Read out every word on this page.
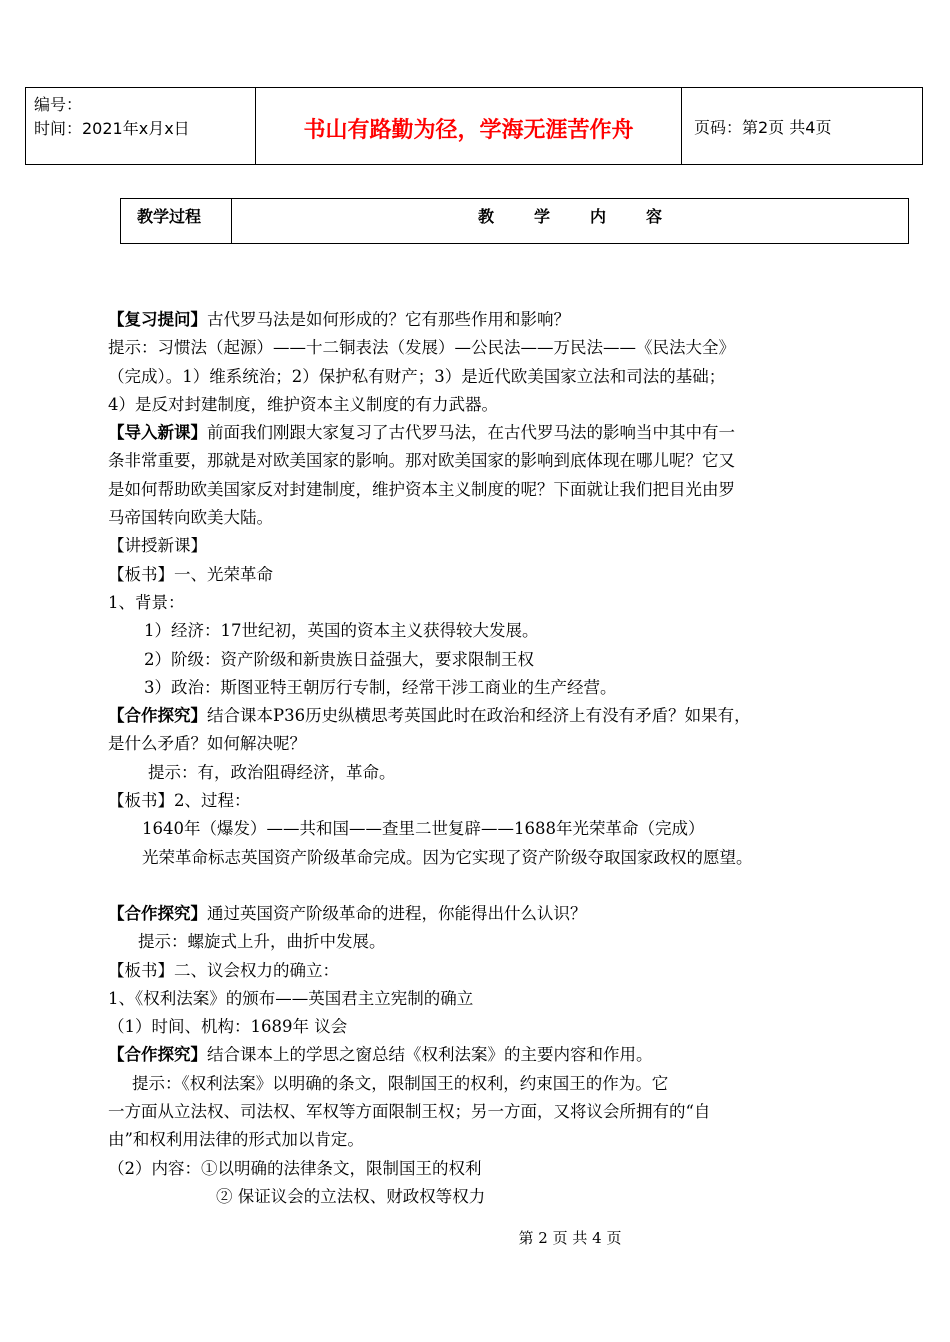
编号：
时间：2021年x月x日	书山有路勤为径，学海无涯苦作舟	页码：第2页 共4页
教学过程	教学内容

【复习提问】古代罗马法是如何形成的？它有那些作用和影响？

提示：习惯法（起源）——十二铜表法（发展）—公民法——万民法——《民法大全》

（完成）。1）维系统治；2）保护私有财产；3）是近代欧美国家立法和司法的基础；

4）是反对封建制度，维护资本主义制度的有力武器。

【导入新课】前面我们刚跟大家复习了古代罗马法，在古代罗马法的影响当中其中有一

条非常重要，那就是对欧美国家的影响。那对欧美国家的影响到底体现在哪儿呢？它又

是如何帮助欧美国家反对封建制度，维护资本主义制度的呢？下面就让我们把目光由罗

马帝国转向欧美大陆。

【讲授新课】

【板书】一、光荣革命

1、背景：

1）经济：17世纪初，英国的资本主义获得较大发展。

2）阶级：资产阶级和新贵族日益强大，要求限制王权

3）政治：斯图亚特王朝厉行专制，经常干涉工商业的生产经营。

【合作探究】结合课本P36历史纵横思考英国此时在政治和经济上有没有矛盾？如果有，

是什么矛盾？如何解决呢？

提示：有，政治阻碍经济，革命。

【板书】2、过程：

1640年（爆发）——共和国——查里二世复辟——1688年光荣革命（完成）

光荣革命标志英国资产阶级革命完成。因为它实现了资产阶级夺取国家政权的愿望。

【合作探究】通过英国资产阶级革命的进程，你能得出什么认识？

提示：螺旋式上升，曲折中发展。

【板书】二、议会权力的确立：

1、《权利法案》的颁布——英国君主立宪制的确立

（1）时间、机构：1689年 议会

【合作探究】结合课本上的学思之窗总结《权利法案》的主要内容和作用。

提示：《权利法案》以明确的条文，限制国王的权利，约束国王的作为。它

一方面从立法权、司法权、军权等方面限制王权；另一方面，又将议会所拥有的“自

由”和权利用法律的形式加以肯定。

（2）内容：①以明确的法律条文，限制国王的权利

② 保证议会的立法权、财政权等权力

第 2 页 共 4 页
